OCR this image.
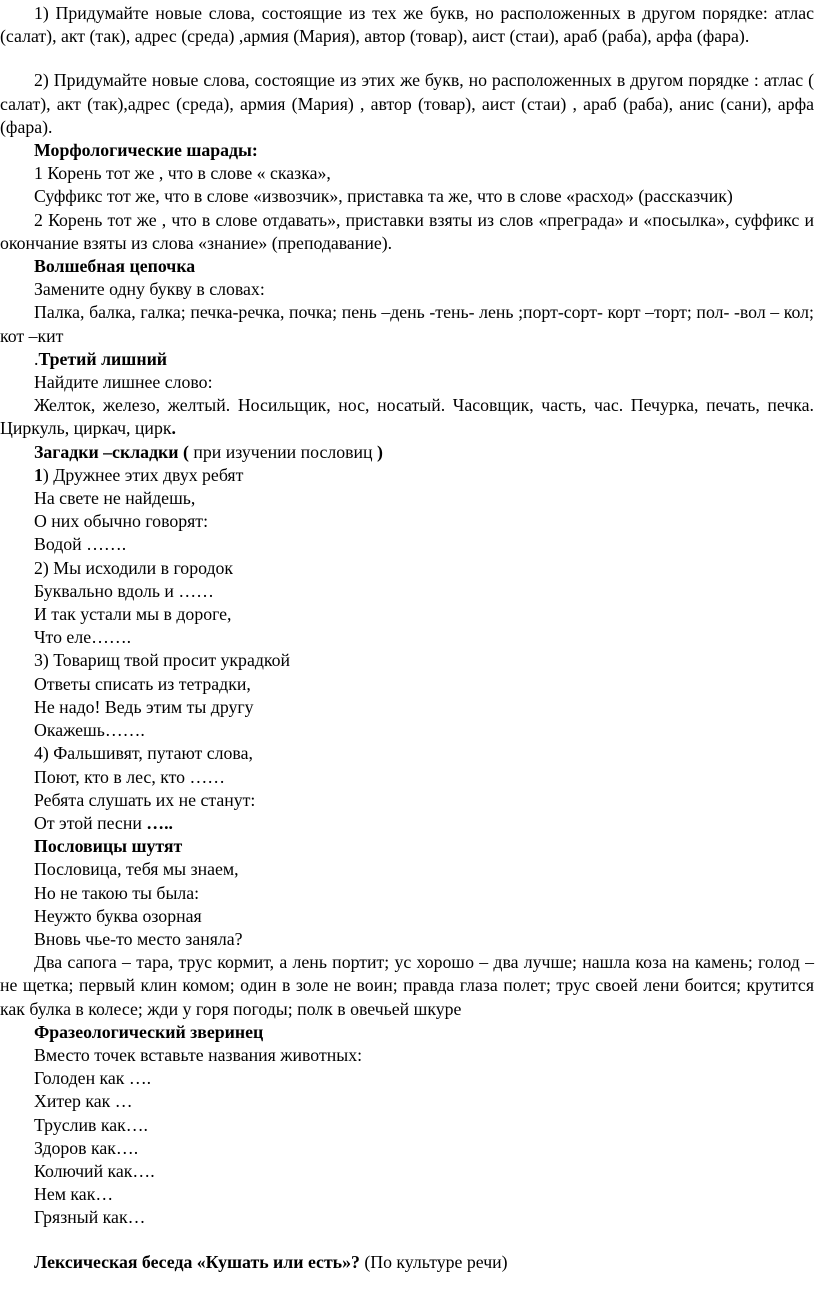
1) Придумайте новые слова, состоящие из тех же букв, но расположенных в другом порядке: атлас (салат), акт (так), адрес (среда) ,армия (Мария), автор (товар), аист (стаи), араб (раба), арфа (фара).

2) Придумайте новые слова, состоящие из этих же букв, но расположенных в другом порядке : атлас ( салат), акт (так),адрес (среда), армия (Мария) , автор (товар), аист (стаи) , араб (раба), анис (сани), арфа (фара).

Морфологические шарады:

1 Корень тот же , что в слове « сказка»,

Суффикс тот же, что в слове «извозчик», приставка та же, что в слове «расход» (рассказчик)

2 Корень тот же , что в слове отдавать», приставки взяты из слов «преграда» и «посылка», суффикс и окончание взяты из слова «знание» (преподавание).

Волшебная цепочка

Замените одну букву в словах:

Палка, балка, галка; печка-речка, почка; пень –день -тень- лень ;порт-сорт- корт –торт; пол- -вол – кол; кот –кит

.Третий лишний

Найдите лишнее слово:

Желток, железо, желтый. Носильщик, нос, носатый. Часовщик, часть, час. Печурка, печать, печка. Циркуль, циркач, цирк.

Загадки –складки ( при изучении пословиц )

1) Дружнее этих двух ребят

На свете не найдешь,

О них обычно говорят:

Водой …….

2) Мы исходили в городок

Буквально вдоль и ……

И так устали мы в дороге,

Что еле…….

3) Товарищ твой просит украдкой

Ответы списать из тетрадки,

Не надо! Ведь этим ты другу

Окажешь…….

4) Фальшивят, путают слова,

Поют, кто в лес, кто ……

Ребята слушать их не станут:

От этой песни …..

Пословицы шутят

Пословица, тебя мы знаем,

Но не такою ты была:

Неужто буква озорная

Вновь чье-то место заняла?

Два сапога – тара, трус кормит, а лень портит; ус хорошо – два лучше; нашла коза на камень; голод –не щетка; первый клин комом; один в золе не воин; правда глаза полет; трус своей лени боится; крутится как булка в колесе; жди у горя погоды; полк в овечьей шкуре

Фразеологический зверинец

Вместо точек вставьте названия животных:

Голоден как ….

Хитер как …

Труслив как….

Здоров как….

Колючий как….

Нем как…

Грязный как…

Лексическая беседа «Кушать или есть»? (По культуре речи)
